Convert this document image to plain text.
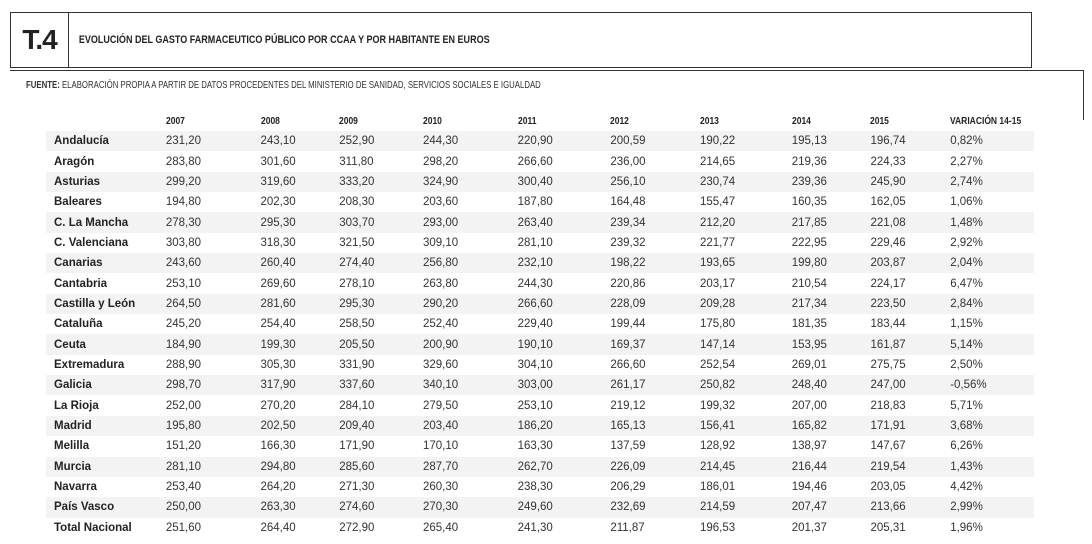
T.4	EVOLUCIÓN DEL GASTO FARMACEUTICO PÚBLICO POR CCAA Y POR HABITANTE EN EUROS
FUENTE: ELABORACIÓN PROPIA A PARTIR DE DATOS PROCEDENTES DEL MINISTERIO DE SANIDAD, SERVICIOS SOCIALES E IGUALDAD
	2007	2008	2009	2010	2011	2012	2013	2014	2015	VARIACIÓN 14-15
Andalucía	231,20	243,10	252,90	244,30	220,90	200,59	190,22	195,13	196,74	0,82%
Aragón	283,80	301,60	311,80	298,20	266,60	236,00	214,65	219,36	224,33	2,27%
Asturias	299,20	319,60	333,20	324,90	300,40	256,10	230,74	239,36	245,90	2,74%
Baleares	194,80	202,30	208,30	203,60	187,80	164,48	155,47	160,35	162,05	1,06%
C. La Mancha	278,30	295,30	303,70	293,00	263,40	239,34	212,20	217,85	221,08	1,48%
C. Valenciana	303,80	318,30	321,50	309,10	281,10	239,32	221,77	222,95	229,46	2,92%
Canarias	243,60	260,40	274,40	256,80	232,10	198,22	193,65	199,80	203,87	2,04%
Cantabria	253,10	269,60	278,10	263,80	244,30	220,86	203,17	210,54	224,17	6,47%
Castilla y León	264,50	281,60	295,30	290,20	266,60	228,09	209,28	217,34	223,50	2,84%
Cataluña	245,20	254,40	258,50	252,40	229,40	199,44	175,80	181,35	183,44	1,15%
Ceuta	184,90	199,30	205,50	200,90	190,10	169,37	147,14	153,95	161,87	5,14%
Extremadura	288,90	305,30	331,90	329,60	304,10	266,60	252,54	269,01	275,75	2,50%
Galicia	298,70	317,90	337,60	340,10	303,00	261,17	250,82	248,40	247,00	-0,56%
La Rioja	252,00	270,20	284,10	279,50	253,10	219,12	199,32	207,00	218,83	5,71%
Madrid	195,80	202,50	209,40	203,40	186,20	165,13	156,41	165,82	171,91	3,68%
Melilla	151,20	166,30	171,90	170,10	163,30	137,59	128,92	138,97	147,67	6,26%
Murcia	281,10	294,80	285,60	287,70	262,70	226,09	214,45	216,44	219,54	1,43%
Navarra	253,40	264,20	271,30	260,30	238,30	206,29	186,01	194,46	203,05	4,42%
País Vasco	250,00	263,30	274,60	270,30	249,60	232,69	214,59	207,47	213,66	2,99%
Total Nacional	251,60	264,40	272,90	265,40	241,30	211,87	196,53	201,37	205,31	1,96%
